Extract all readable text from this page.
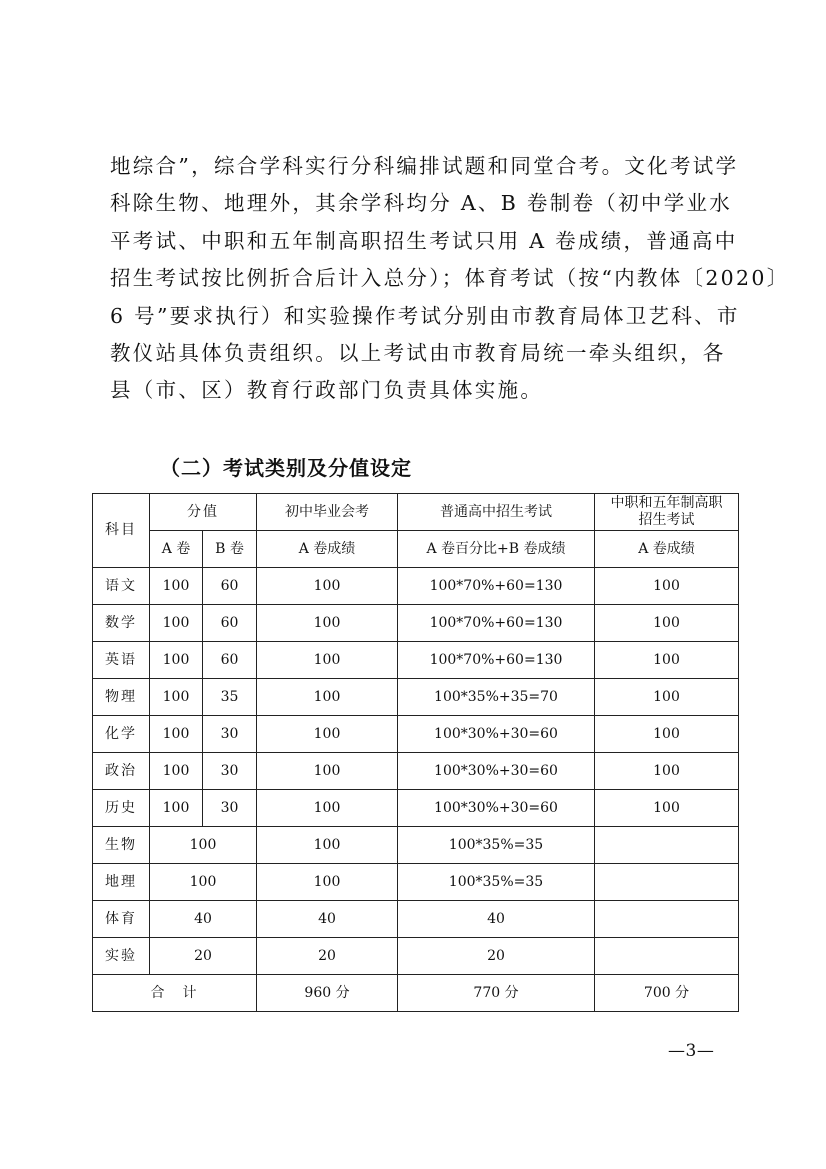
地综合”，综合学科实行分科编排试题和同堂合考。文化考试学
科除生物、地理外，其余学科均分 A、B 卷制卷（初中学业水
平考试、中职和五年制高职招生考试只用 A 卷成绩，普通高中
招生考试按比例折合后计入总分）；体育考试（按“内教体〔2020〕
6 号”要求执行）和实验操作考试分别由市教育局体卫艺科、市
教仪站具体负责组织。以上考试由市教育局统一牵头组织，各
县（市、区）教育行政部门负责具体实施。
（二）考试类别及分值设定
科目	分值		初中毕业会考	普通高中招生考试	中职和五年制高职招生考试
	A 卷	B 卷	A 卷成绩	A 卷百分比+B 卷成绩	A 卷成绩
语文	100	60	100	100*70%+60=130	100
数学	100	60	100	100*70%+60=130	100
英语	100	60	100	100*70%+60=130	100
物理	100	35	100	100*35%+35=70	100
化学	100	30	100	100*30%+30=60	100
政治	100	30	100	100*30%+30=60	100
历史	100	30	100	100*30%+30=60	100
生物	100		100	100*35%=35	
地理	100		100	100*35%=35	
体育	40		40	40	
实验	20		20	20	
合　计			960 分	770 分	700 分
—3—
